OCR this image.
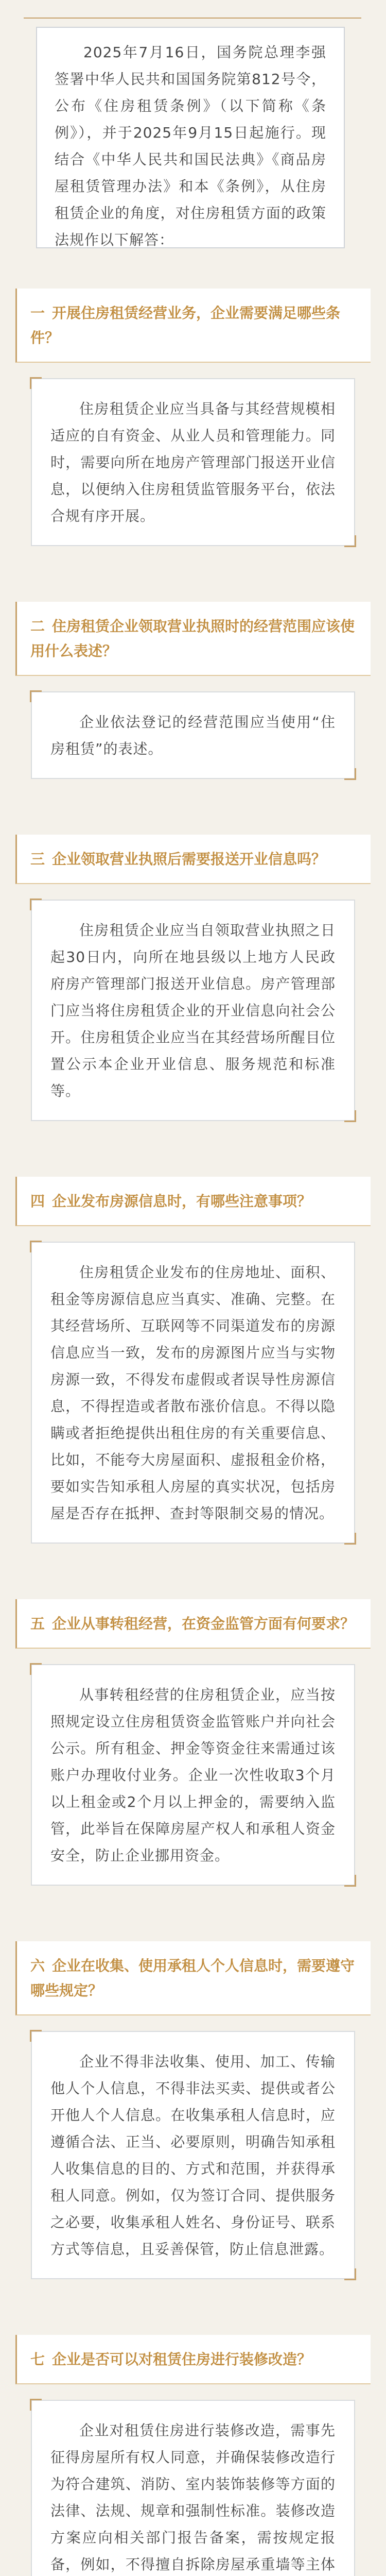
2025年7月16日，国务院总理李强签署中华人民共和国国务院第812号令，公布《住房租赁条例》（以下简称《条例》），并于2025年9月15日起施行。现结合《中华人民共和国民法典》《商品房屋租赁管理办法》和本《条例》，从住房租赁企业的角度，对住房租赁方面的政策法规作以下解答：
一 开展住房租赁经营业务，企业需要满足哪些条件？
住房租赁企业应当具备与其经营规模相适应的自有资金、从业人员和管理能力。同时，需要向所在地房产管理部门报送开业信息，以便纳入住房租赁监管服务平台，依法合规有序开展。
二 住房租赁企业领取营业执照时的经营范围应该使用什么表述？
企业依法登记的经营范围应当使用“住房租赁”的表述。
三 企业领取营业执照后需要报送开业信息吗？
住房租赁企业应当自领取营业执照之日起30日内，向所在地县级以上地方人民政府房产管理部门报送开业信息。房产管理部门应当将住房租赁企业的开业信息向社会公开。住房租赁企业应当在其经营场所醒目位置公示本企业开业信息、服务规范和标准等。
四 企业发布房源信息时，有哪些注意事项？
住房租赁企业发布的住房地址、面积、租金等房源信息应当真实、准确、完整。在其经营场所、互联网等不同渠道发布的房源信息应当一致，发布的房源图片应当与实物房源一致，不得发布虚假或者误导性房源信息，不得捏造或者散布涨价信息。不得以隐瞒或者拒绝提供出租住房的有关重要信息、比如，不能夸大房屋面积、虚报租金价格，要如实告知承租人房屋的真实状况，包括房屋是否存在抵押、查封等限制交易的情况。
五 企业从事转租经营，在资金监管方面有何要求？
从事转租经营的住房租赁企业，应当按照规定设立住房租赁资金监管账户并向社会公示。所有租金、押金等资金往来需通过该账户办理收付业务。企业一次性收取3个月以上租金或2个月以上押金的，需要纳入监管，此举旨在保障房屋产权人和承租人资金安全，防止企业挪用资金。
六 企业在收集、使用承租人个人信息时，需要遵守哪些规定？
企业不得非法收集、使用、加工、传输他人个人信息，不得非法买卖、提供或者公开他人个人信息。在收集承租人信息时，应遵循合法、正当、必要原则，明确告知承租人收集信息的目的、方式和范围，并获得承租人同意。例如，仅为签订合同、提供服务之必要，收集承租人姓名、身份证号、联系方式等信息，且妥善保管，防止信息泄露。
七 企业是否可以对租赁住房进行装修改造？
企业对租赁住房进行装修改造，需事先征得房屋所有权人同意，并确保装修改造行为符合建筑、消防、室内装饰装修等方面的法律、法规、规章和强制性标准。装修改造方案应向相关部门报告备案，需按规定报备，例如，不得擅自拆除房屋承重墙等主体
